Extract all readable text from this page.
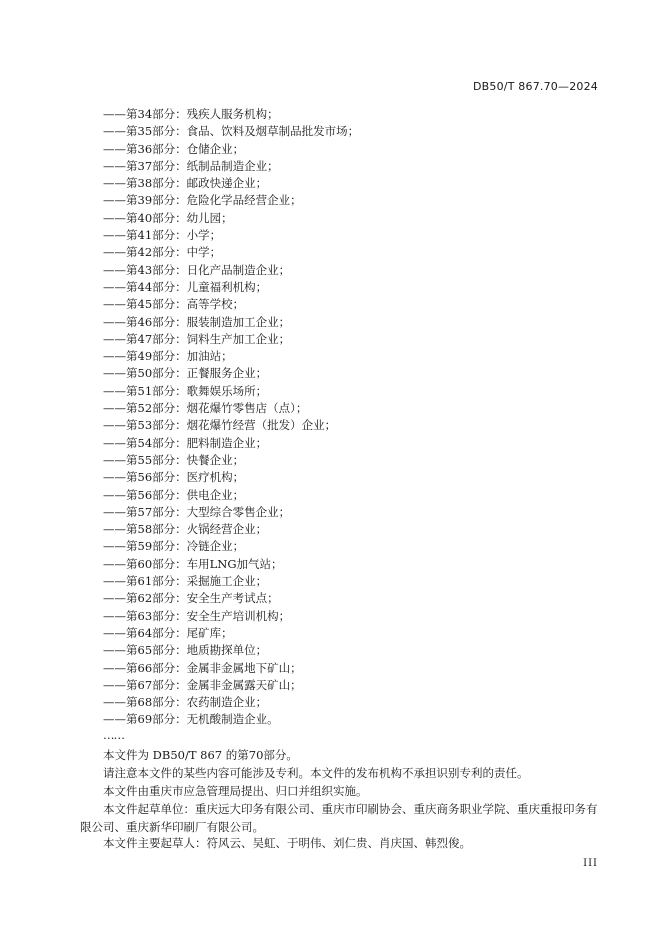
DB50/T 867.70—2024
——第34部分：残疾人服务机构；
——第35部分：食品、饮料及烟草制品批发市场；
——第36部分：仓储企业；
——第37部分：纸制品制造企业；
——第38部分：邮政快递企业；
——第39部分：危险化学品经营企业；
——第40部分：幼儿园；
——第41部分：小学；
——第42部分：中学；
——第43部分：日化产品制造企业；
——第44部分：儿童福利机构；
——第45部分：高等学校；
——第46部分：服装制造加工企业；
——第47部分：饲料生产加工企业；
——第49部分：加油站；
——第50部分：正餐服务企业；
——第51部分：歌舞娱乐场所；
——第52部分：烟花爆竹零售店（点）；
——第53部分：烟花爆竹经营（批发）企业；
——第54部分：肥料制造企业；
——第55部分：快餐企业；
——第56部分：医疗机构；
——第56部分：供电企业；
——第57部分：大型综合零售企业；
——第58部分：火锅经营企业；
——第59部分：冷链企业；
——第60部分：车用LNG加气站；
——第61部分：采掘施工企业；
——第62部分：安全生产考试点；
——第63部分：安全生产培训机构；
——第64部分：尾矿库；
——第65部分：地质勘探单位；
——第66部分：金属非金属地下矿山；
——第67部分：金属非金属露天矿山；
——第68部分：农药制造企业；
——第69部分：无机酸制造企业。
……

本文件为 DB50/T 867 的第70部分。

请注意本文件的某些内容可能涉及专利。本文件的发布机构不承担识别专利的责任。

本文件由重庆市应急管理局提出、归口并组织实施。

本文件起草单位：重庆远大印务有限公司、重庆市印刷协会、重庆商务职业学院、重庆重报印务有限公司、重庆新华印刷厂有限公司。

本文件主要起草人：符风云、吴虹、于明伟、刘仁贵、肖庆国、韩烈俊。

III
